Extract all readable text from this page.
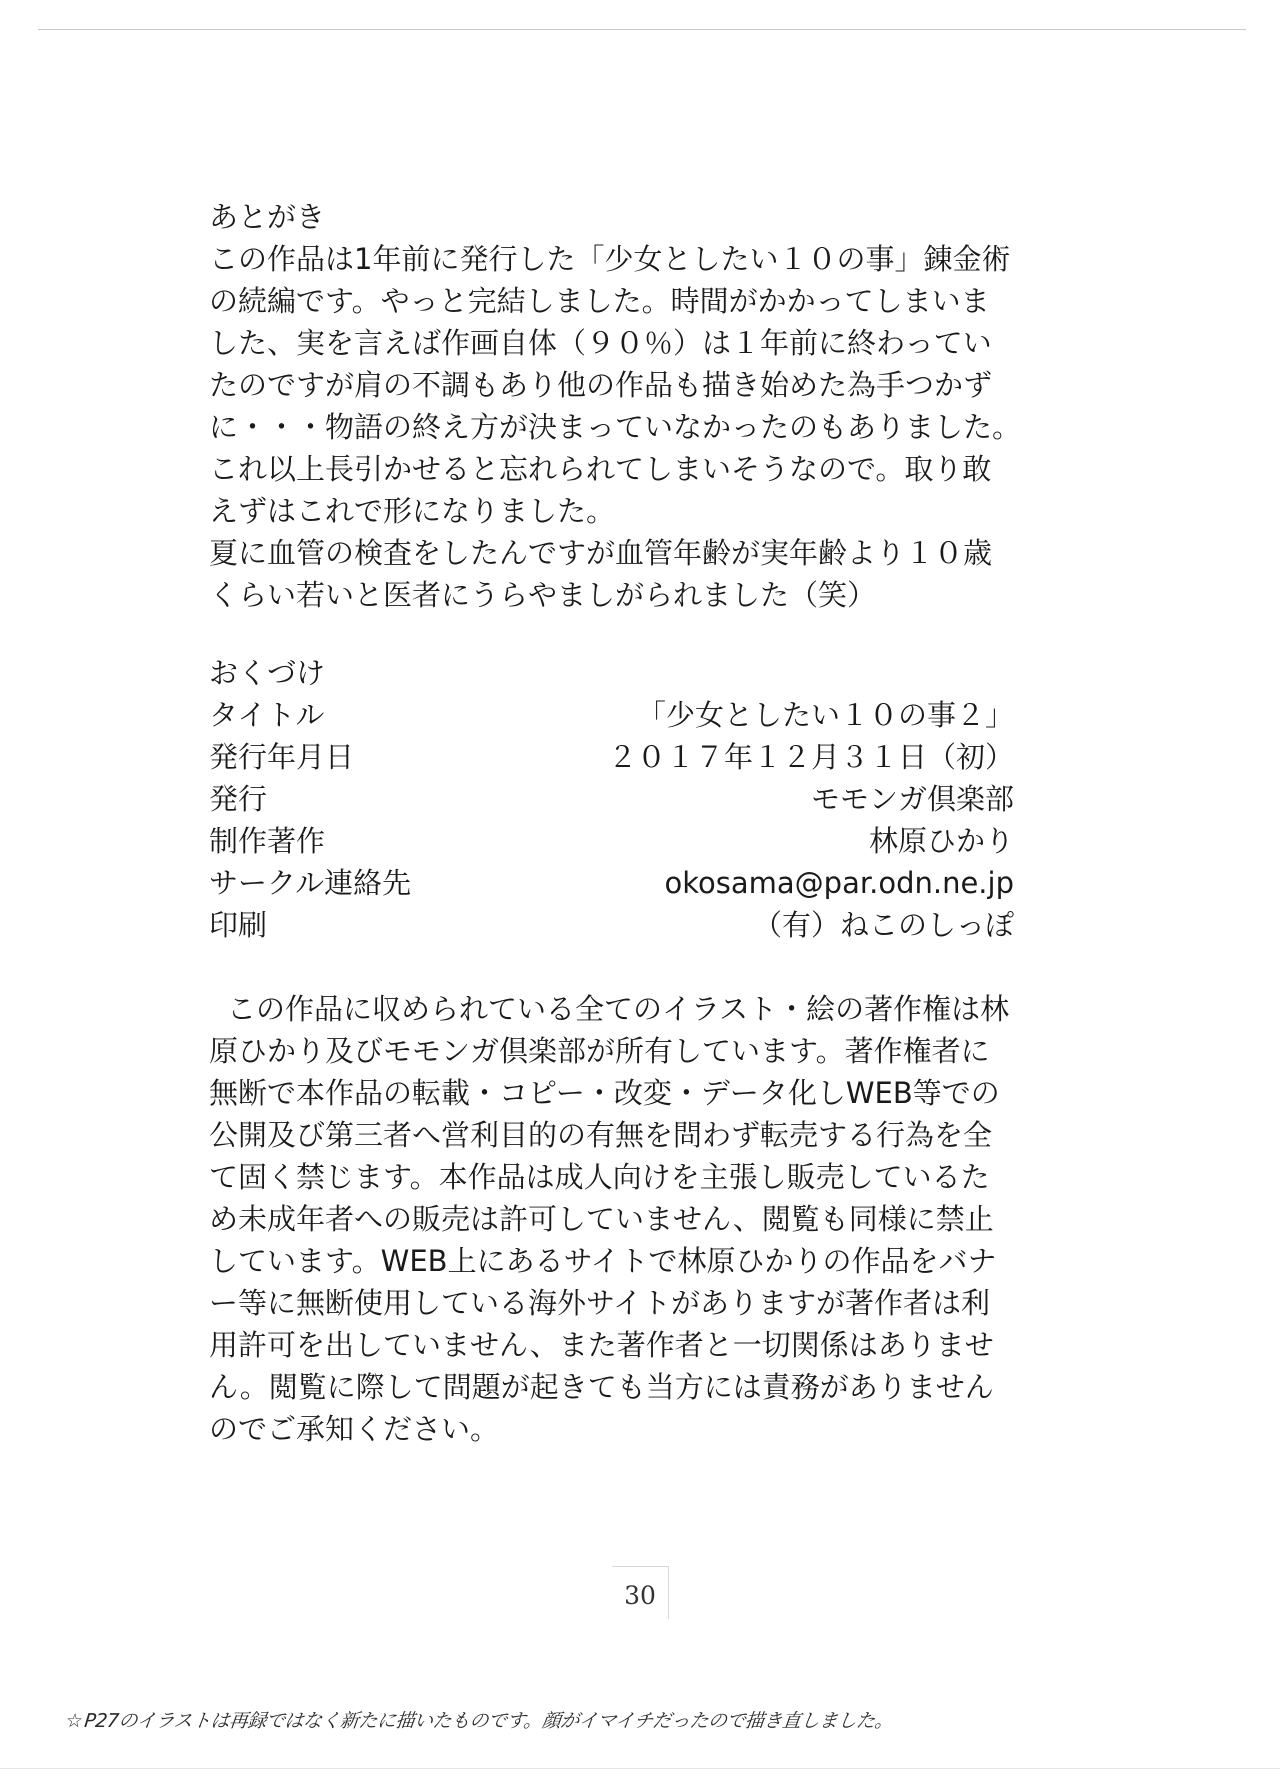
あとがき

この作品は1年前に発行した「少女としたい１０の事」錬金術

の続編です。やっと完結しました。時間がかかってしまいま

した、実を言えば作画自体（９０％）は１年前に終わってい

たのですが肩の不調もあり他の作品も描き始めた為手つかず

に・・・物語の終え方が決まっていなかったのもありました。

これ以上長引かせると忘れられてしまいそうなので。取り敢

えずはこれで形になりました。

夏に血管の検査をしたんですが血管年齢が実年齢より１０歳

くらい若いと医者にうらやましがられました（笑）

おくづけ

タイトル	「少女としたい１０の事２」
発行年月日	２０１７年１２月３１日（初）
発行	モモンガ倶楽部
制作著作	林原ひかり
サークル連絡先	okosama@par.odn.ne.jp
印刷	（有）ねこのしっぽ

この作品に収められている全てのイラスト・絵の著作権は林

原ひかり及びモモンガ倶楽部が所有しています。著作権者に

無断で本作品の転載・コピー・改変・データ化しWEB等での

公開及び第三者へ営利目的の有無を問わず転売する行為を全

て固く禁じます。本作品は成人向けを主張し販売しているた

め未成年者への販売は許可していません、閲覧も同様に禁止

しています。WEB上にあるサイトで林原ひかりの作品をバナ

ー等に無断使用している海外サイトがありますが著作者は利

用許可を出していません、また著作者と一切関係はありませ

ん。閲覧に際して問題が起きても当方には責務がありません

のでご承知ください。

30
☆P27のイラストは再録ではなく新たに描いたものです。顔がイマイチだったので描き直しました。
